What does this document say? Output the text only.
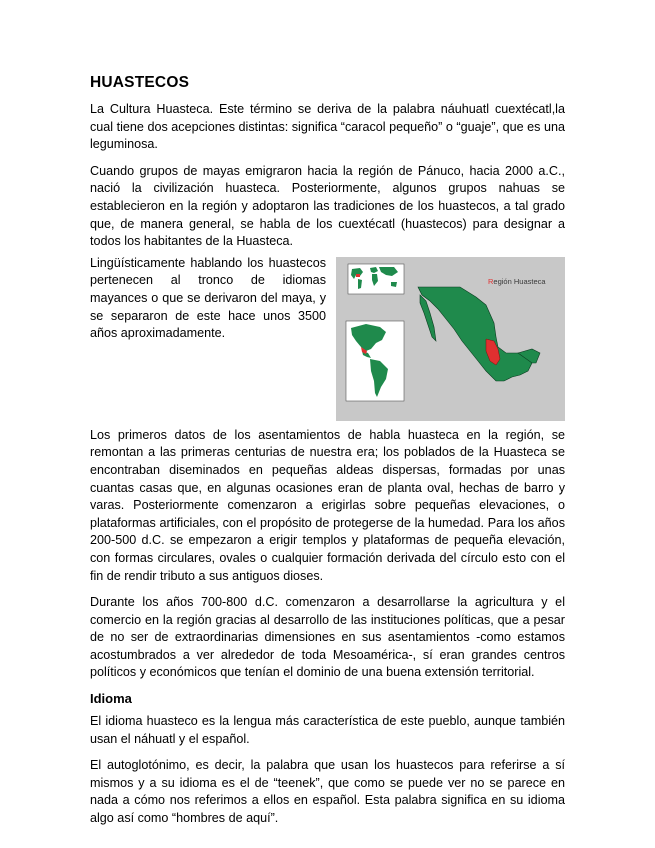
HUASTECOS

La Cultura Huasteca. Este término se deriva de la palabra náuhuatl cuextécatl,la cual tiene dos acepciones distintas: significa “caracol pequeño” o “guaje”, que es una leguminosa.

Cuando grupos de mayas emigraron hacia la región de Pánuco, hacia 2000 a.C., nació la civilización huasteca. Posteriormente, algunos grupos nahuas se establecieron en la región y adoptaron las tradiciones de los huastecos, a tal grado que, de manera general, se habla de los cuextécatl (huastecos) para designar a todos los habitantes de la Huasteca.

Región Huasteca

Lingüísticamente hablando los huastecos pertenecen al tronco de idiomas mayances o que se derivaron del maya, y se separaron de este hace unos 3500 años aproximadamente.

Los primeros datos de los asentamientos de habla huasteca en la región, se remontan a las primeras centurias de nuestra era; los poblados de la Huasteca se encontraban diseminados en pequeñas aldeas dispersas, formadas por unas cuantas casas que, en algunas ocasiones eran de planta oval, hechas de barro y varas. Posteriormente comenzaron a erigirlas sobre pequeñas elevaciones, o plataformas artificiales, con el propósito de protegerse de la humedad. Para los años 200-500 d.C. se empezaron a erigir templos y plataformas de pequeña elevación, con formas circulares, ovales o cualquier formación derivada del círculo esto con el fin de rendir tributo a sus antiguos dioses.

Durante los años 700-800 d.C. comenzaron a desarrollarse la agricultura y el comercio en la región gracias al desarrollo de las instituciones políticas, que a pesar de no ser de extraordinarias dimensiones en sus asentamientos -como estamos acostumbrados a ver alrededor de toda Mesoamérica-, sí eran grandes centros políticos y económicos que tenían el dominio de una buena extensión territorial.

Idioma

El idioma huasteco es la lengua más característica de este pueblo, aunque también usan el náhuatl y el español.

El autoglotónimo, es decir, la palabra que usan los huastecos para referirse a sí mismos y a su idioma es el de “teenek”, que como se puede ver no se parece en nada a cómo nos referimos a ellos en español. Esta palabra significa en su idioma algo así como “hombres de aquí”.
